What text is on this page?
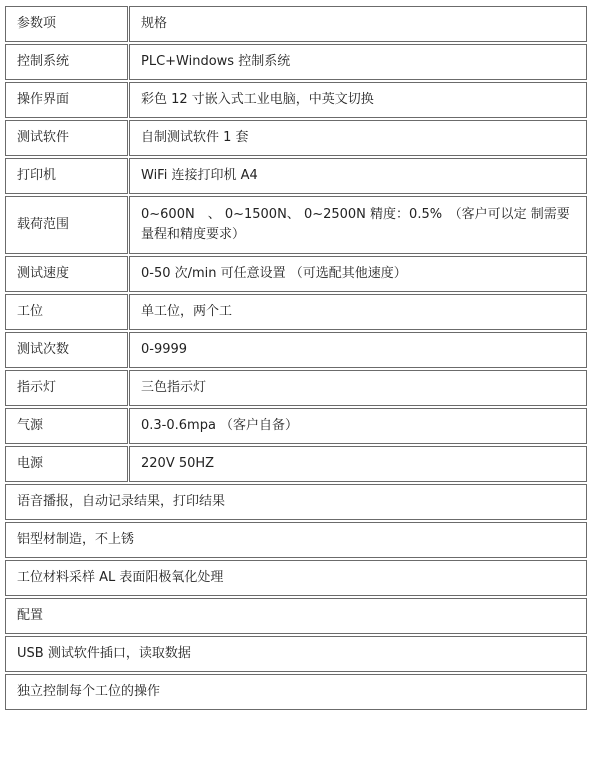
参数项	规格
控制系统	PLC+Windows 控制系统
操作界面	彩色 12 寸嵌入式工业电脑，中英文切换
测试软件	自制测试软件 1 套
打印机	WiFi 连接打印机 A4
载荷范围	0~600N　、 0~1500N、 0~2500N 精度：0.5%　（客户可以定 制需要量程和精度要求）
测试速度	0-50 次/min 可任意设置 （可选配其他速度）
工位	单工位，两个工
测试次数	0-9999
指示灯	三色指示灯
气源	0.3-0.6mpa （客户自备）
电源	220V 50HZ
语音播报，自动记录结果，打印结果	
铝型材制造，不上锈	
工位材料采样 AL 表面阳极氧化处理	
配置	
USB 测试软件插口，读取数据	
独立控制每个工位的操作	
